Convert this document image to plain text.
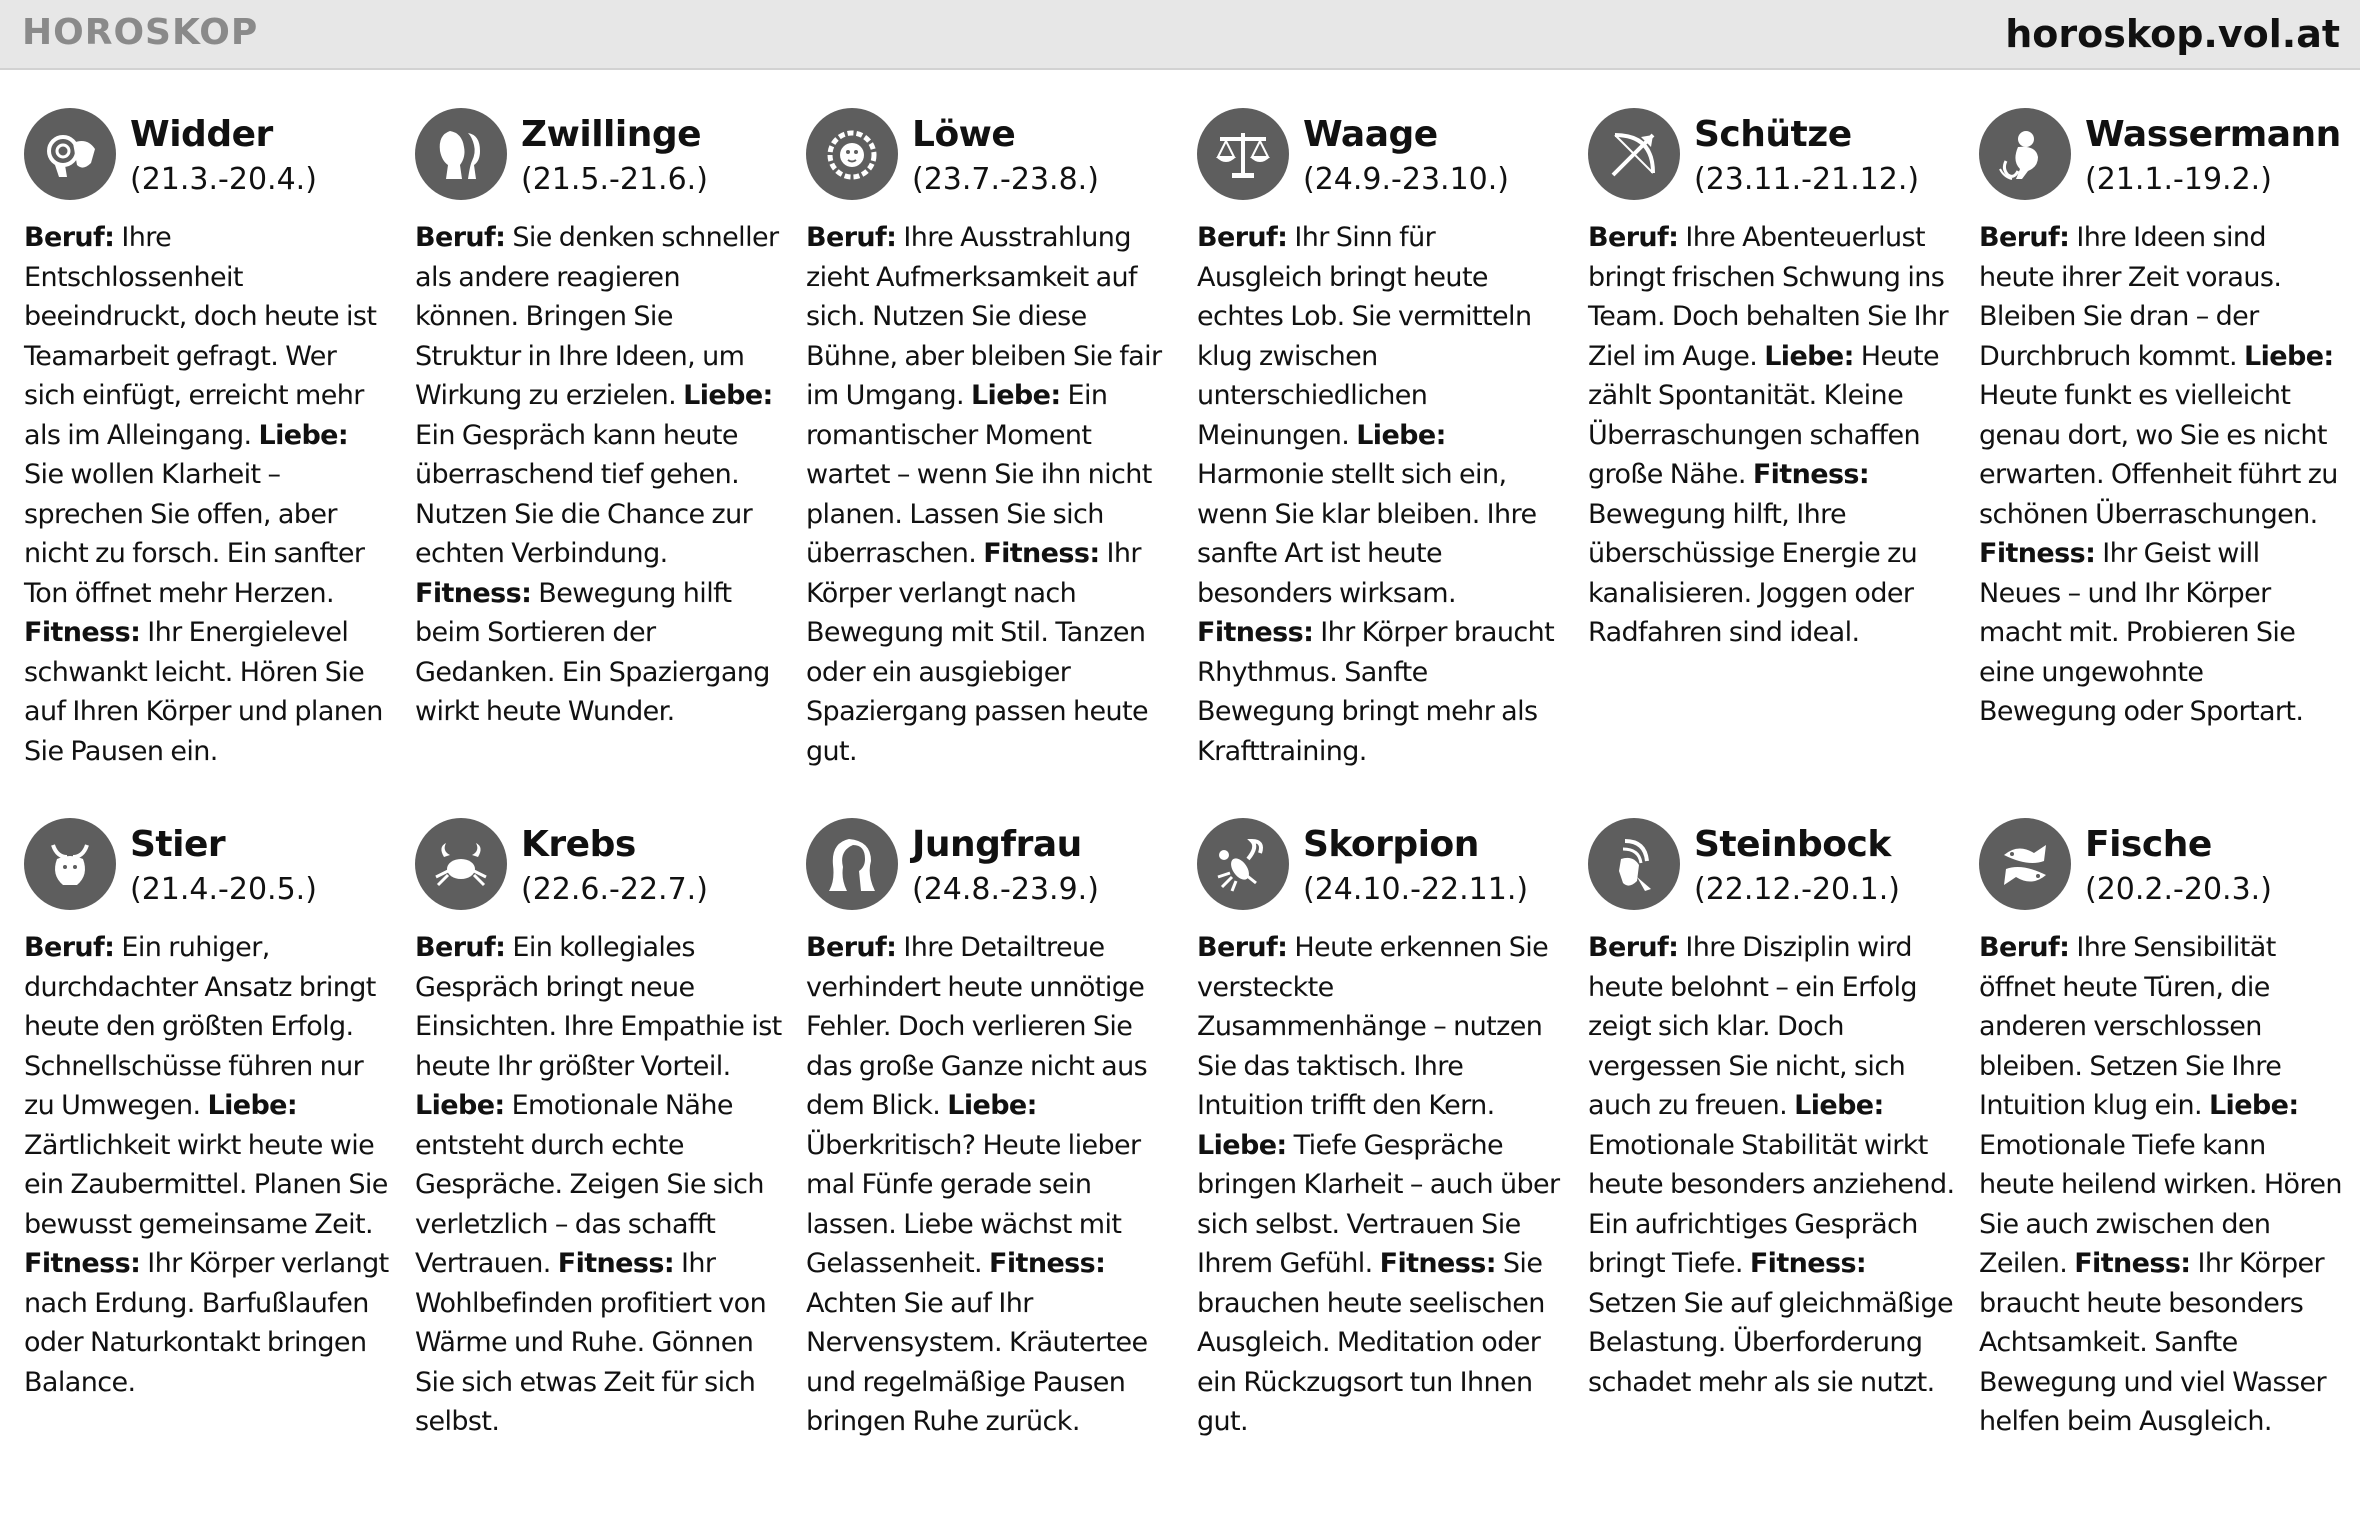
HOROSKOP	horoskop.vol.at
Widder
(21.3.-20.4.)
Beruf: Ihre Entschlossenheit beeindruckt, doch heute ist Teamarbeit gefragt. Wer sich einfügt, erreicht mehr als im Alleingang. Liebe: Sie wollen Klarheit – sprechen Sie offen, aber nicht zu forsch. Ein sanfter Ton öffnet mehr Herzen. Fitness: Ihr Energielevel schwankt leicht. Hören Sie auf Ihren Körper und planen Sie Pausen ein.
Zwillinge
(21.5.-21.6.)
Beruf: Sie denken schneller als andere reagieren können. Bringen Sie Struktur in Ihre Ideen, um Wirkung zu erzielen. Liebe: Ein Gespräch kann heute überraschend tief gehen. Nutzen Sie die Chance zur echten Verbindung. Fitness: Bewegung hilft beim Sortieren der Gedanken. Ein Spaziergang wirkt heute Wunder.
Löwe
(23.7.-23.8.)
Beruf: Ihre Ausstrahlung zieht Aufmerksamkeit auf sich. Nutzen Sie diese Bühne, aber bleiben Sie fair im Umgang. Liebe: Ein romantischer Moment wartet – wenn Sie ihn nicht planen. Lassen Sie sich überraschen. Fitness: Ihr Körper verlangt nach Bewegung mit Stil. Tanzen oder ein ausgiebiger Spaziergang passen heute gut.
Waage
(24.9.-23.10.)
Beruf: Ihr Sinn für Ausgleich bringt heute echtes Lob. Sie vermitteln klug zwischen unterschiedlichen Meinungen. Liebe: Harmonie stellt sich ein, wenn Sie klar bleiben. Ihre sanfte Art ist heute besonders wirksam. Fitness: Ihr Körper braucht Rhythmus. Sanfte Bewegung bringt mehr als Krafttraining.
Schütze
(23.11.-21.12.)
Beruf: Ihre Abenteuerlust bringt frischen Schwung ins Team. Doch behalten Sie Ihr Ziel im Auge. Liebe: Heute zählt Spontanität. Kleine Überraschungen schaffen große Nähe. Fitness: Bewegung hilft, Ihre überschüssige Energie zu kanalisieren. Joggen oder Radfahren sind ideal.
Wassermann
(21.1.-19.2.)
Beruf: Ihre Ideen sind heute ihrer Zeit voraus. Bleiben Sie dran – der Durchbruch kommt. Liebe: Heute funkt es vielleicht genau dort, wo Sie es nicht erwarten. Offenheit führt zu schönen Überraschungen. Fitness: Ihr Geist will Neues – und Ihr Körper macht mit. Probieren Sie eine ungewohnte Bewegung oder Sportart.
Stier
(21.4.-20.5.)
Beruf: Ein ruhiger, durchdachter Ansatz bringt heute den größten Erfolg. Schnellschüsse führen nur zu Umwegen. Liebe: Zärtlichkeit wirkt heute wie ein Zaubermittel. Planen Sie bewusst gemeinsame Zeit. Fitness: Ihr Körper verlangt nach Erdung. Barfußlaufen oder Naturkontakt bringen Balance.
Krebs
(22.6.-22.7.)
Beruf: Ein kollegiales Gespräch bringt neue Einsichten. Ihre Empathie ist heute Ihr größter Vorteil. Liebe: Emotionale Nähe entsteht durch echte Gespräche. Zeigen Sie sich verletzlich – das schafft Vertrauen. Fitness: Ihr Wohlbefinden profitiert von Wärme und Ruhe. Gönnen Sie sich etwas Zeit für sich selbst.
Jungfrau
(24.8.-23.9.)
Beruf: Ihre Detailtreue verhindert heute unnötige Fehler. Doch verlieren Sie das große Ganze nicht aus dem Blick. Liebe: Überkritisch? Heute lieber mal Fünfe gerade sein lassen. Liebe wächst mit Gelassenheit. Fitness: Achten Sie auf Ihr Nervensystem. Kräutertee und regelmäßige Pausen bringen Ruhe zurück.
Skorpion
(24.10.-22.11.)
Beruf: Heute erkennen Sie versteckte Zusammenhänge – nutzen Sie das taktisch. Ihre Intuition trifft den Kern. Liebe: Tiefe Gespräche bringen Klarheit – auch über sich selbst. Vertrauen Sie Ihrem Gefühl. Fitness: Sie brauchen heute seelischen Ausgleich. Meditation oder ein Rückzugsort tun Ihnen gut.
Steinbock
(22.12.-20.1.)
Beruf: Ihre Disziplin wird heute belohnt – ein Erfolg zeigt sich klar. Doch vergessen Sie nicht, sich auch zu freuen. Liebe: Emotionale Stabilität wirkt heute besonders anziehend. Ein aufrichtiges Gespräch bringt Tiefe. Fitness: Setzen Sie auf gleichmäßige Belastung. Überforderung schadet mehr als sie nutzt.
Fische
(20.2.-20.3.)
Beruf: Ihre Sensibilität öffnet heute Türen, die anderen verschlossen bleiben. Setzen Sie Ihre Intuition klug ein. Liebe: Emotionale Tiefe kann heute heilend wirken. Hören Sie auch zwischen den Zeilen. Fitness: Ihr Körper braucht heute besonders Achtsamkeit. Sanfte Bewegung und viel Wasser helfen beim Ausgleich.
